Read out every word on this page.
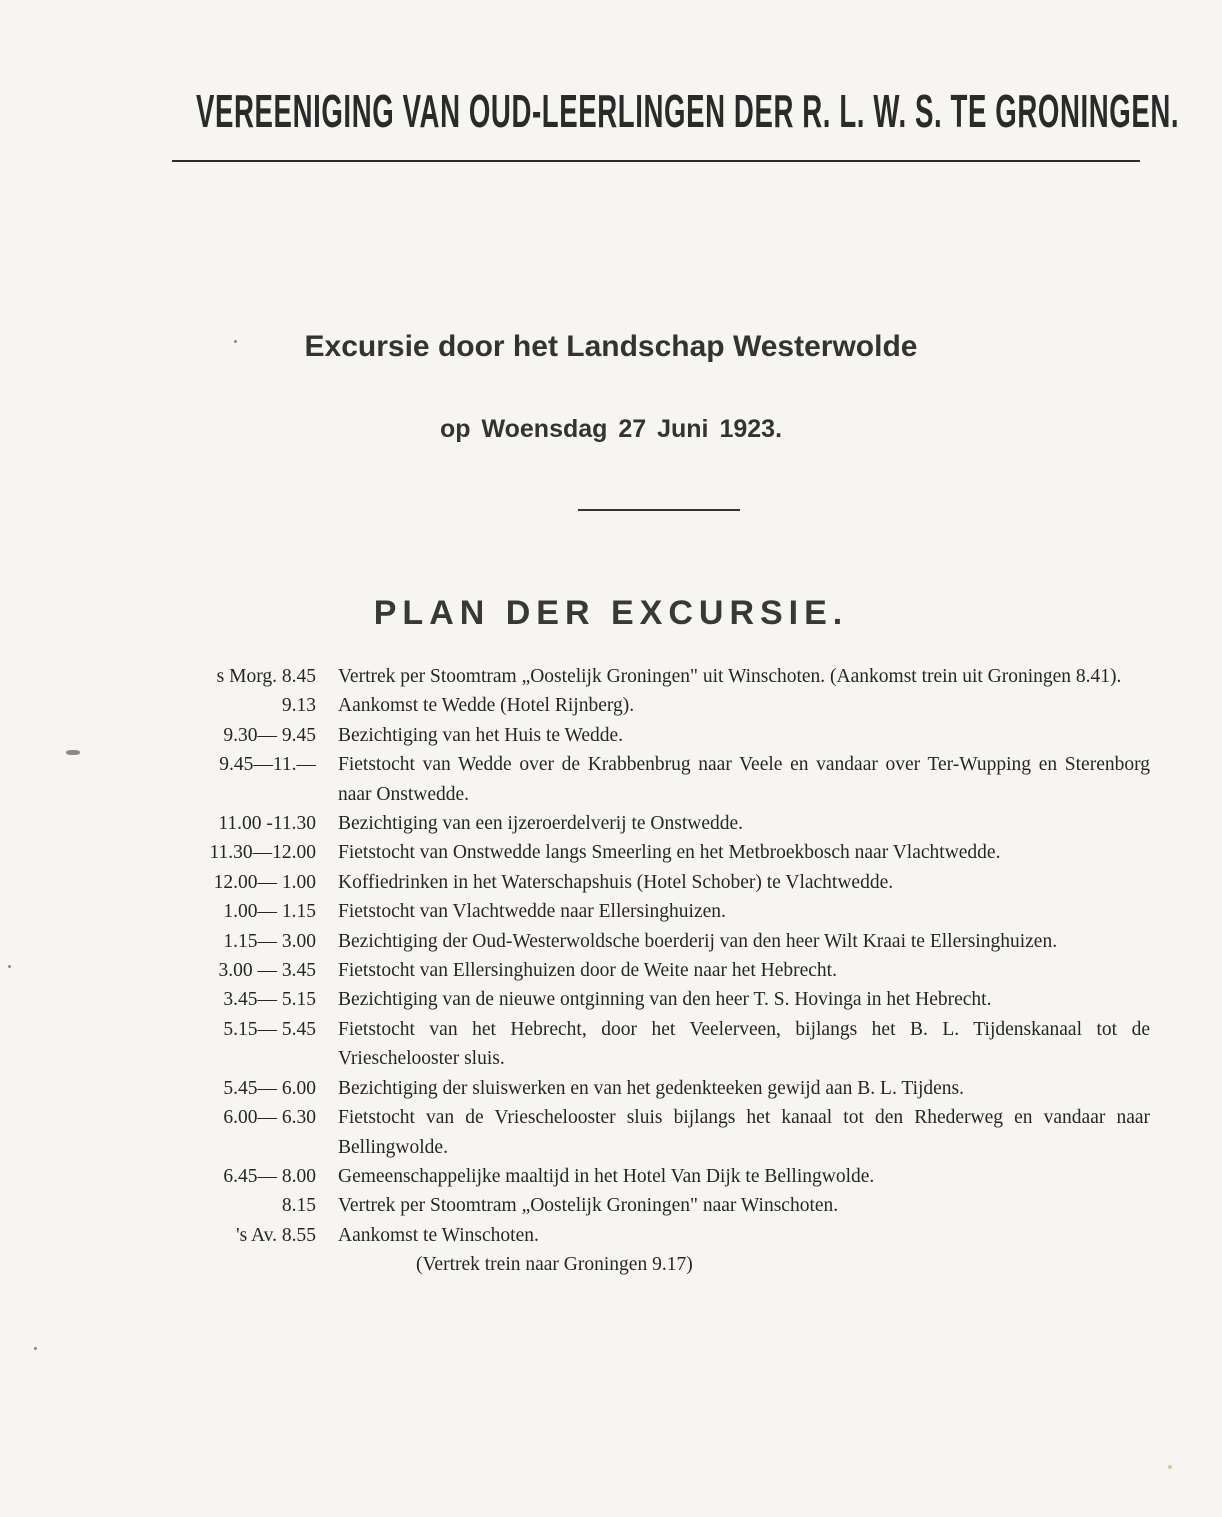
VEREENIGING VAN OUD-LEERLINGEN DER R. L. W. S. TE GRONINGEN.
Excursie door het Landschap Westerwolde
op Woensdag 27 Juni 1923.
PLAN DER EXCURSIE.
s Morg. 8.45 Vertrek per Stoomtram „Oostelijk Groningen" uit Winschoten. (Aankomst trein uit Groningen 8.41).
9.13 Aankomst te Wedde (Hotel Rijnberg).
9.30— 9.45 Bezichtiging van het Huis te Wedde.
9.45—11.— Fietstocht van Wedde over de Krabbenbrug naar Veele en vandaar over Ter-Wupping en Sterenborg naar Onstwedde.
11.00 -11.30 Bezichtiging van een ijzeroerdelverij te Onstwedde.
11.30—12.00 Fietstocht van Onstwedde langs Smeerling en het Metbroekbosch naar Vlachtwedde.
12.00— 1.00 Koffiedrinken in het Waterschapshuis (Hotel Schober) te Vlachtwedde.
1.00— 1.15 Fietstocht van Vlachtwedde naar Ellersinghuizen.
1.15— 3.00 Bezichtiging der Oud-Westerwoldsche boerderij van den heer Wilt Kraai te Ellersinghuizen.
3.00 — 3.45 Fietstocht van Ellersinghuizen door de Weite naar het Hebrecht.
3.45— 5.15 Bezichtiging van de nieuwe ontginning van den heer T. S. Hovinga in het Hebrecht.
5.15— 5.45 Fietstocht van het Hebrecht, door het Veelerveen, bijlangs het B. L. Tijdenskanaal tot de Vrieschelooster sluis.
5.45— 6.00 Bezichtiging der sluiswerken en van het gedenkteeken gewijd aan B. L. Tijdens.
6.00— 6.30 Fietstocht van de Vrieschelooster sluis bijlangs het kanaal tot den Rhederweg en vandaar naar Bellingwolde.
6.45— 8.00 Gemeenschappelijke maaltijd in het Hotel Van Dijk te Bellingwolde.
8.15 Vertrek per Stoomtram „Oostelijk Groningen" naar Winschoten.
's Av. 8.55 Aankomst te Winschoten.
(Vertrek trein naar Groningen 9.17)
